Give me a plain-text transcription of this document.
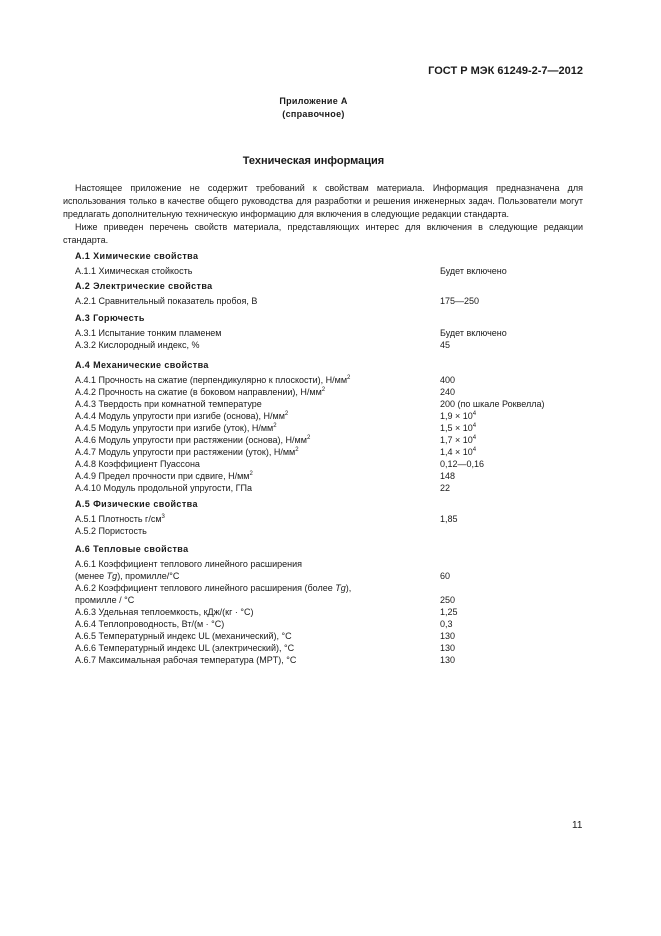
ГОСТ Р МЭК 61249-2-7—2012
Приложение А
(справочное)
Техническая информация

Настоящее приложение не содержит требований к свойствам материала. Информация предназначена для использования только в качестве общего руководства для разработки и решения инженерных задач. Пользователи могут предлагать дополнительную техническую информацию для включения в следующие редакции стандарта.

Ниже приведен перечень свойств материала, представляющих интерес для включения в следующие редакции стандарта.

А.1 Химические свойства
А.1.1 Химическая стойкость	Будет включено
А.2 Электрические свойства
А.2.1 Сравнительный показатель пробоя, В	175—250
А.3 Горючесть
А.3.1 Испытание тонким пламенем	Будет включено
А.3.2 Кислородный индекс, %	45
А.4 Механические свойства
А.4.1 Прочность на сжатие (перпендикулярно к плоскости), $Н/мм^2$	400
А.4.2 Прочность на сжатие (в боковом направлении), $Н/мм^2$	240
А.4.3 Твердость при комнатной температуре	200 (по шкале Роквелла)
А.4.4 Модуль упругости при изгибе (основа), $Н/мм^2$	$1,9 \times 10^4$
А.4.5 Модуль упругости при изгибе (уток), $Н/мм^2$	$1,5 \times 10^4$
А.4.6 Модуль упругости при растяжении (основа), $Н/мм^2$	$1,7 \times 10^4$
А.4.7 Модуль упругости при растяжении (уток), $Н/мм^2$	$1,4 \times 10^4$
А.4.8 Коэффициент Пуассона	0,12—0,16
А.4.9 Предел прочности при сдвиге, $Н/мм^2$	148
А.4.10 Модуль продольной упругости, ГПа	22
А.5 Физические свойства
А.5.1 Плотность $г/см^3$	1,85
А.5.2 Пористость
А.6 Тепловые свойства
А.6.1 Коэффициент теплового линейного расширения
(менее Tg), промилле/°C	60
А.6.2 Коэффициент теплового линейного расширения (более Tg),
промилле / °C	250
А.6.3 Удельная теплоемкость, кДж/(кг · °C)	1,25
А.6.4 Теплопроводность, Вт/(м · °C)	0,3
А.6.5 Температурный индекс UL (механический), °C	130
А.6.6 Температурный индекс UL (электрический), °C	130
А.6.7 Максимальная рабочая температура (MPT), °C	130
11
